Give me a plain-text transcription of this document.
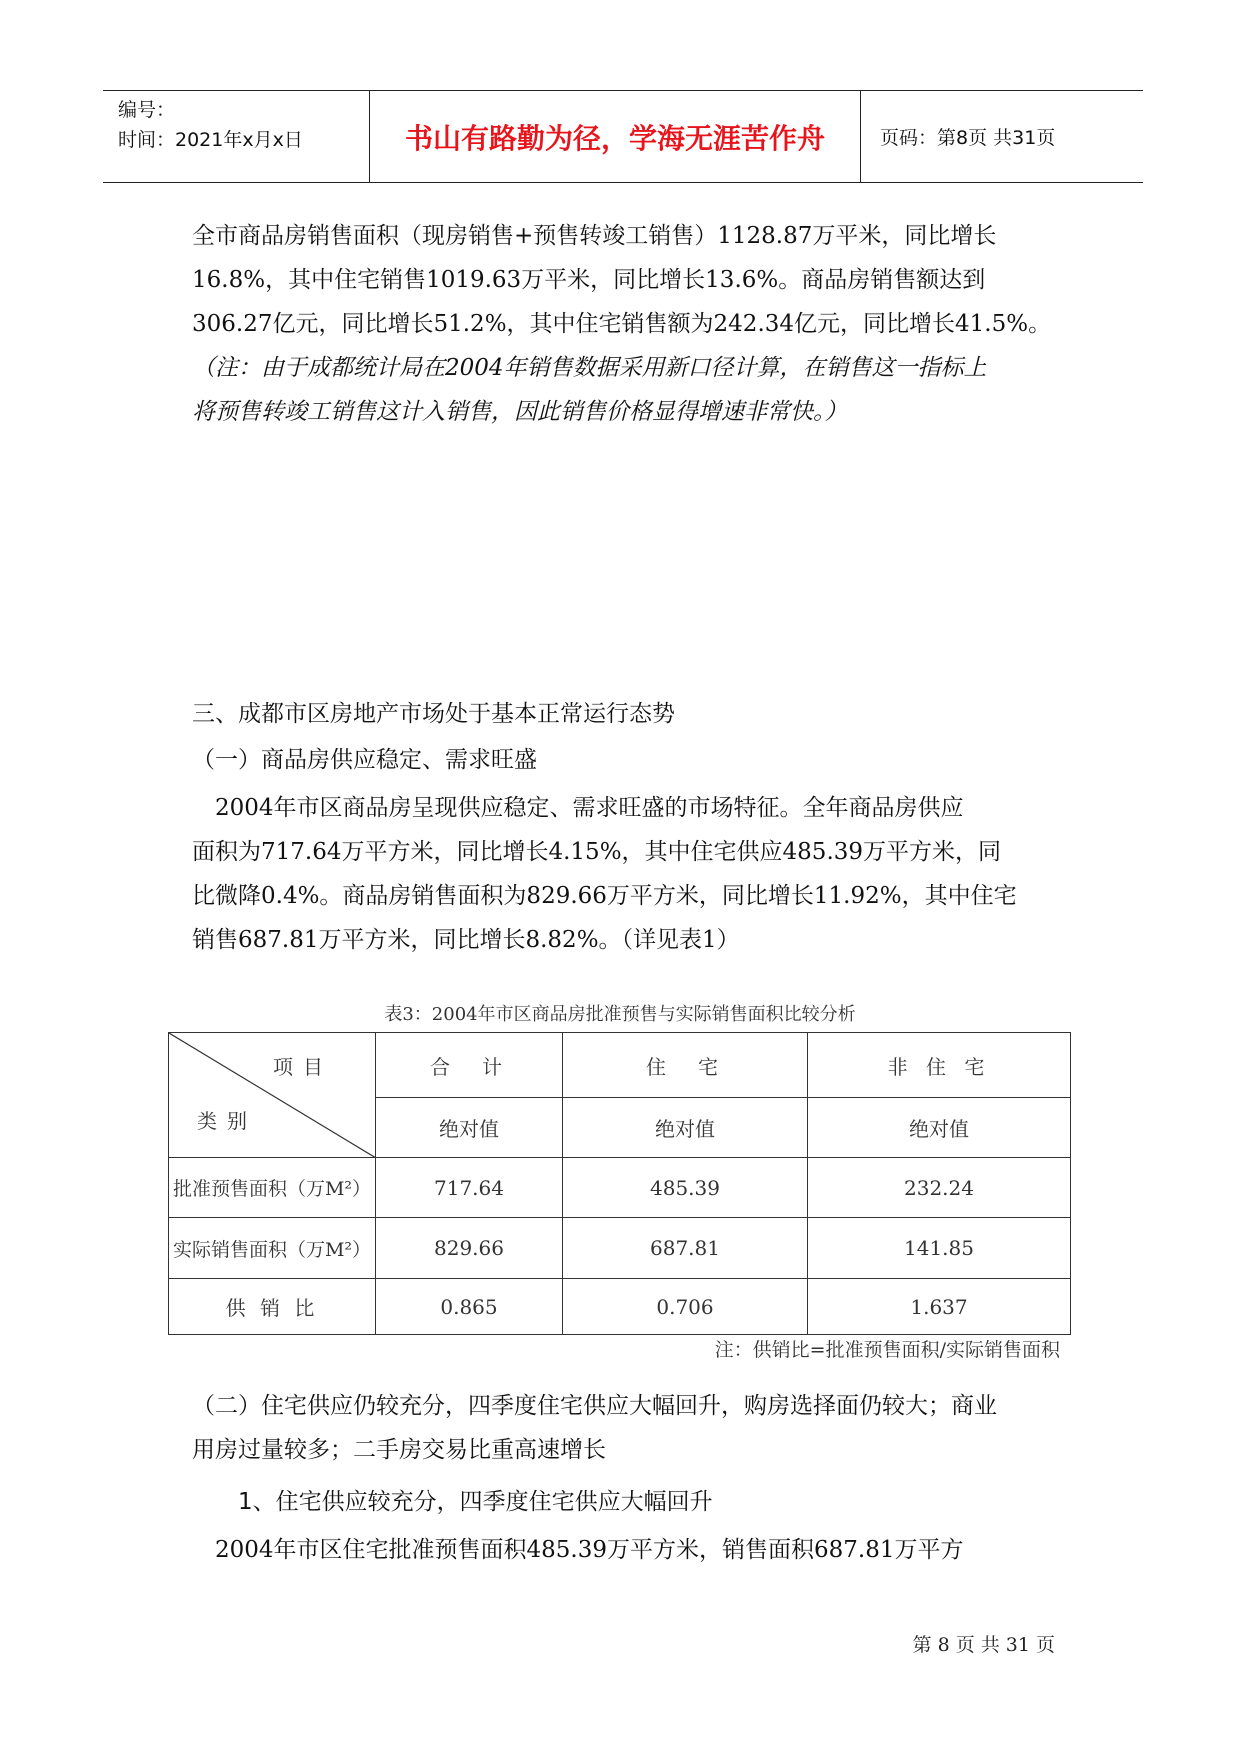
编号：
时间：2021年x月x日	书山有路勤为径，学海无涯苦作舟	页码：第8页 共31页
全市商品房销售面积（现房销售+预售转竣工销售）1128.87万平米，同比增长
16.8%，其中住宅销售1019.63万平米，同比增长13.6%。商品房销售额达到
306.27亿元，同比增长51.2%，其中住宅销售额为242.34亿元，同比增长41.5%。
（注：由于成都统计局在2004年销售数据采用新口径计算，在销售这一指标上
将预售转竣工销售这计入销售，因此销售价格显得增速非常快。）
三、成都市区房地产市场处于基本正常运行态势
（一）商品房供应稳定、需求旺盛
　2004年市区商品房呈现供应稳定、需求旺盛的市场特征。全年商品房供应
面积为717.64万平方米，同比增长4.15%，其中住宅供应485.39万平方米，同
比微降0.4%。商品房销售面积为829.66万平方米，同比增长11.92%，其中住宅
销售687.81万平方米，同比增长8.82%。（详见表1）
表3：2004年市区商品房批准预售与实际销售面积比较分析
项目
类别	合　计	住　宅	非 住 宅
	绝对值	绝对值	绝对值
批准预售面积（万M²）	717.64	485.39	232.24
实际销售面积（万M²）	829.66	687.81	141.85
供 销 比	0.865	0.706	1.637
注：供销比=批准预售面积/实际销售面积
（二）住宅供应仍较充分，四季度住宅供应大幅回升，购房选择面仍较大；商业
用房过量较多；二手房交易比重高速增长
1、住宅供应较充分，四季度住宅供应大幅回升
　2004年市区住宅批准预售面积485.39万平方米，销售面积687.81万平方
第 8 页 共 31 页
